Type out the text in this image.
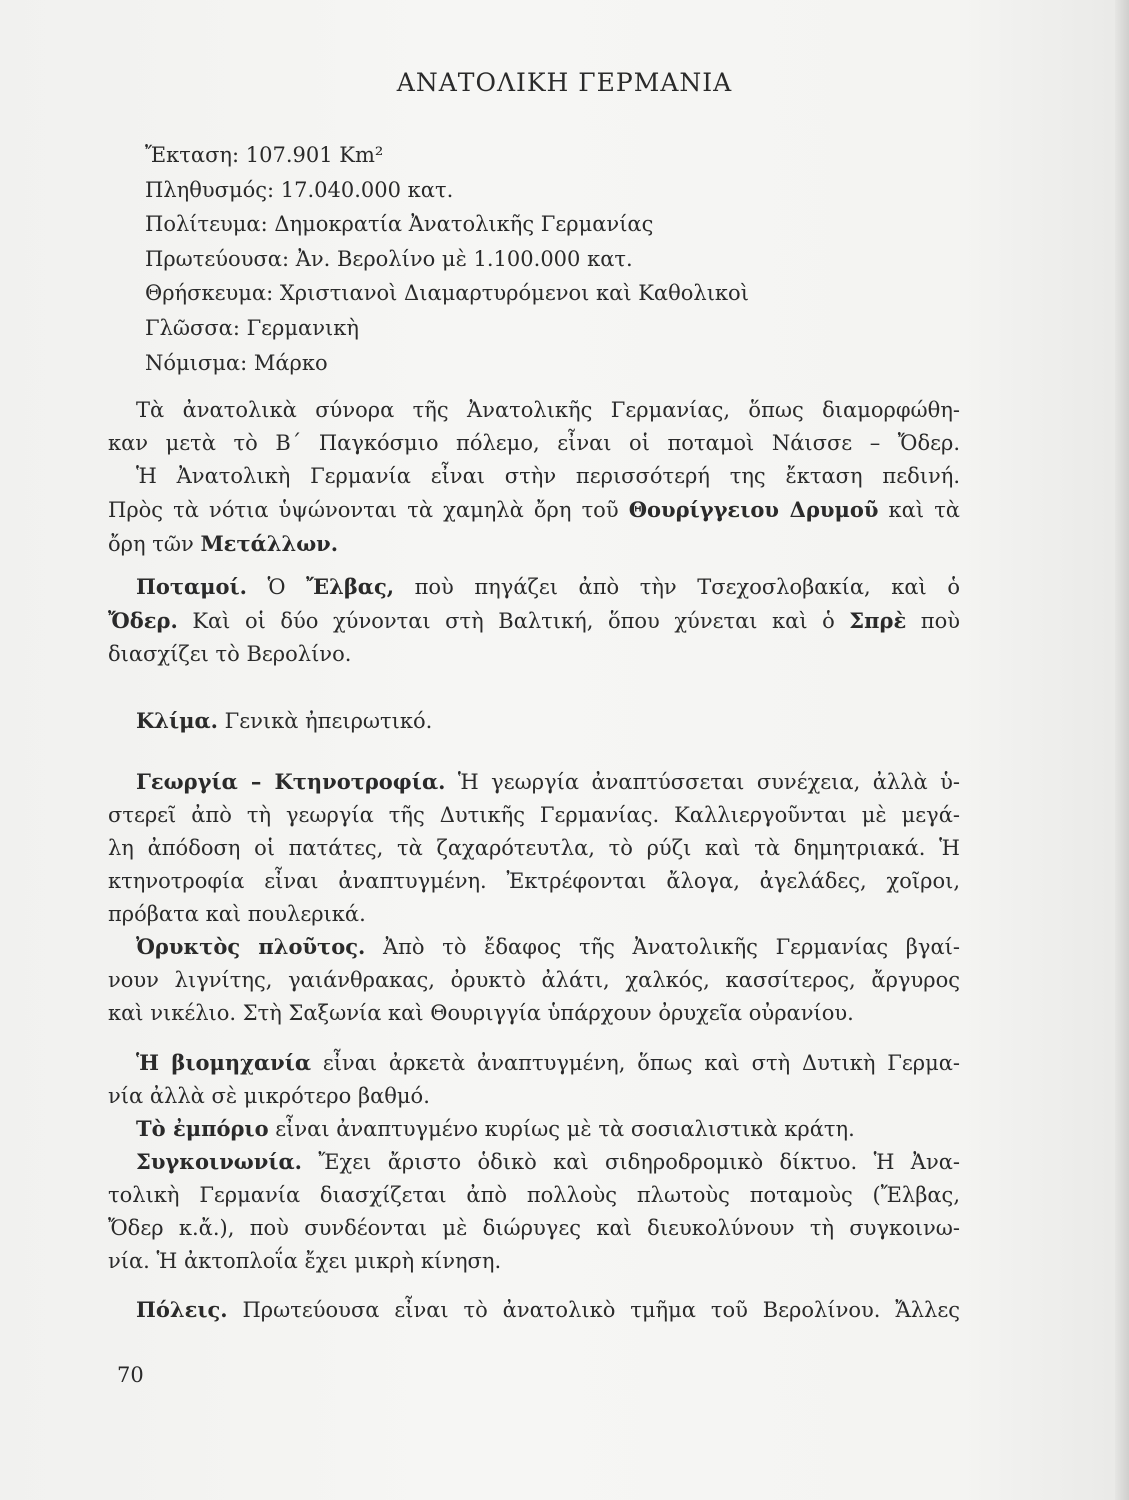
ΑΝΑΤΟΛΙΚΗ ΓΕΡΜΑΝΙΑ
Ἔκταση: 107.901 Km²
Πληθυσμός: 17.040.000 κατ.
Πολίτευμα: Δημοκρατία Ἀνατολικῆς Γερμανίας
Πρωτεύουσα: Ἀν. Βερολίνο μὲ 1.100.000 κατ.
Θρήσκευμα: Χριστιανοὶ Διαμαρτυρόμενοι καὶ Καθολικοὶ
Γλῶσσα: Γερμανικὴ
Νόμισμα: Μάρκο
Τὰ ἀνατολικὰ σύνορα τῆς Ἀνατολικῆς Γερμανίας, ὅπως διαμορφώθη-
καν μετὰ τὸ Β΄ Παγκόσμιο πόλεμο, εἶναι οἱ ποταμοὶ Νάισσε – Ὄδερ.
Ἡ Ἀνατολικὴ Γερμανία εἶναι στὴν περισσότερή της ἔκταση πεδινή.
Πρὸς τὰ νότια ὑψώνονται τὰ χαμηλὰ ὄρη τοῦ Θουρίγγειου Δρυμοῦ καὶ τὰ
ὄρη τῶν Μετάλλων.
Ποταμοί. Ὁ Ἔλβας, ποὺ πηγάζει ἀπὸ τὴν Τσεχοσλοβακία, καὶ ὁ
Ὄδερ. Καὶ οἱ δύο χύνονται στὴ Βαλτική, ὅπου χύνεται καὶ ὁ Σπρὲ ποὺ
διασχίζει τὸ Βερολίνο.
Κλίμα. Γενικὰ ἠπειρωτικό.
Γεωργία – Κτηνοτροφία. Ἡ γεωργία ἀναπτύσσεται συνέχεια, ἀλλὰ ὑ-
στερεῖ ἀπὸ τὴ γεωργία τῆς Δυτικῆς Γερμανίας. Καλλιεργοῦνται μὲ μεγά-
λη ἀπόδοση οἱ πατάτες, τὰ ζαχαρότευτλα, τὸ ρύζι καὶ τὰ δημητριακά. Ἡ
κτηνοτροφία εἶναι ἀναπτυγμένη. Ἐκτρέφονται ἄλογα, ἀγελάδες, χοῖροι,
πρόβατα καὶ πουλερικά.
Ὀρυκτὸς πλοῦτος. Ἀπὸ τὸ ἔδαφος τῆς Ἀνατολικῆς Γερμανίας βγαί-
νουν λιγνίτης, γαιάνθρακας, ὀρυκτὸ ἀλάτι, χαλκός, κασσίτερος, ἄργυρος
καὶ νικέλιο. Στὴ Σαξωνία καὶ Θουριγγία ὑπάρχουν ὀρυχεῖα οὐρανίου.
Ἡ βιομηχανία εἶναι ἀρκετὰ ἀναπτυγμένη, ὅπως καὶ στὴ Δυτικὴ Γερμα-
νία ἀλλὰ σὲ μικρότερο βαθμό.
Τὸ ἐμπόριο εἶναι ἀναπτυγμένο κυρίως μὲ τὰ σοσιαλιστικὰ κράτη.
Συγκοινωνία. Ἔχει ἄριστο ὁδικὸ καὶ σιδηροδρομικὸ δίκτυο. Ἡ Ἀνα-
τολικὴ Γερμανία διασχίζεται ἀπὸ πολλοὺς πλωτοὺς ποταμοὺς (Ἔλβας,
Ὄδερ κ.ἄ.), ποὺ συνδέονται μὲ διώρυγες καὶ διευκολύνουν τὴ συγκοινω-
νία. Ἡ ἀκτοπλοΐα ἔχει μικρὴ κίνηση.
Πόλεις. Πρωτεύουσα εἶναι τὸ ἀνατολικὸ τμῆμα τοῦ Βερολίνου. Ἄλλες
70
